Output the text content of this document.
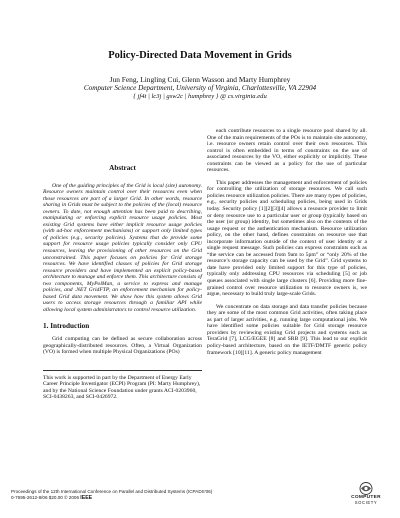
Policy-Directed Data Movement in Grids
Jun Feng, Lingling Cui, Glenn Wasson and Marty Humphrey
Computer Science Department, University of Virginia, Charlottesville, VA 22904
{ jf4t | lc3j | gsw2c | humphrey } @ cs.virginia.edu
Abstract
One of the guiding principles of the Grid is local (site) autonomy. Resource owners maintain control over their resources even when those resources are part of a larger Grid. In other words, resource sharing in Grids must be subject to the policies of the (local) resource owners. To date, not enough attention has been paid to describing, manipulating or enforcing explicit resource usage policies. Most existing Grid systems have either implicit resource usage policies (with ad-hoc enforcement mechanisms) or support only limited types of policies (e.g., security policies). Systems that do provide some support for resource usage policies typically consider only CPU resources, leaving the provisioning of other resources on the Grid unconstrained. This paper focuses on policies for Grid storage resources. We have identified classes of policies for Grid storage resource providers and have implemented an explicit policy-based architecture to manage and enforce them. This architecture consists of two components, MyPolMan, a service to express and manage policies, and .NET GridFTP, an enforcement mechanism for policy-based Grid data movement. We show how this system allows Grid users to access storage resources through a familiar API while allowing local system administrators to control resource utilization.
1. Introduction
Grid computing can be defined as secure collaboration across geographically-distributed resources. Often, a Virtual Organization (VO) is formed when multiple Physical Organizations (POs)
This work is supported in part by the Department of Energy Early Career Principle Investigator (ECPI) Program (PI: Marty Humphrey), and by the National Science Foundation under grants ACI-0203960, SCI-0438263, and SCI-0426972.
each contribute resources to a single resource pool shared by all. One of the main requirements of the POs is to maintain site autonomy, i.e. resource owners retain control over their own resources. This control is often embedded in terms of constraints on the use of associated resources by the VO, either explicitly or implicitly. These constraints can be viewed as a policy for the use of particular resources.
This paper addresses the management and enforcement of policies for controlling the utilization of storage resources. We call such policies resource utilization policies. There are many types of policies, e.g., security policies and scheduling policies, being used in Grids today. Security policy [1][2][3][4] allows a resource provider to limit or deny resource use to a particular user or group (typically based on the user (or group) identity, but sometimes also on the contents of the usage request or the authentication mechanism. Resource utilization policy, on the other hand, defines constraints on resource use that incorporate information outside of the context of user identity or a single request message. Such policies can express constraints such as “the service can be accessed from 9am to 5pm” or “only 20% of the resource’s storage capacity can be used by the Grid”. Grid systems to date have provided only limited support for this type of policies, typically only addressing CPU resources via scheduling [5] or job queues associated with single large clusters [6]. Providing more fine-grained control over resource utilization to resource owners is, we argue, necessary to build truly large-scale Grids.
We concentrate on data storage and data transfer policies because they are some of the most common Grid activities, often taking place as part of larger activities, e.g. running large computational jobs. We have identified some policies suitable for Grid storage resource providers by reviewing existing Grid projects and systems such as TeraGrid [7], LCG/EGEE [8] and SRB [9]. This lead to our explicit policy-based architecture, based on the IETF/DMTF generic policy framework [10][11]. A generic policy management
Proceedings of the 12th International Conference on Parallel and Distributed Systems (ICPADS'06)
0-7695-2612-8/06 $20.00 © 2006 IEEE	COMPUTER
SOCIETY
